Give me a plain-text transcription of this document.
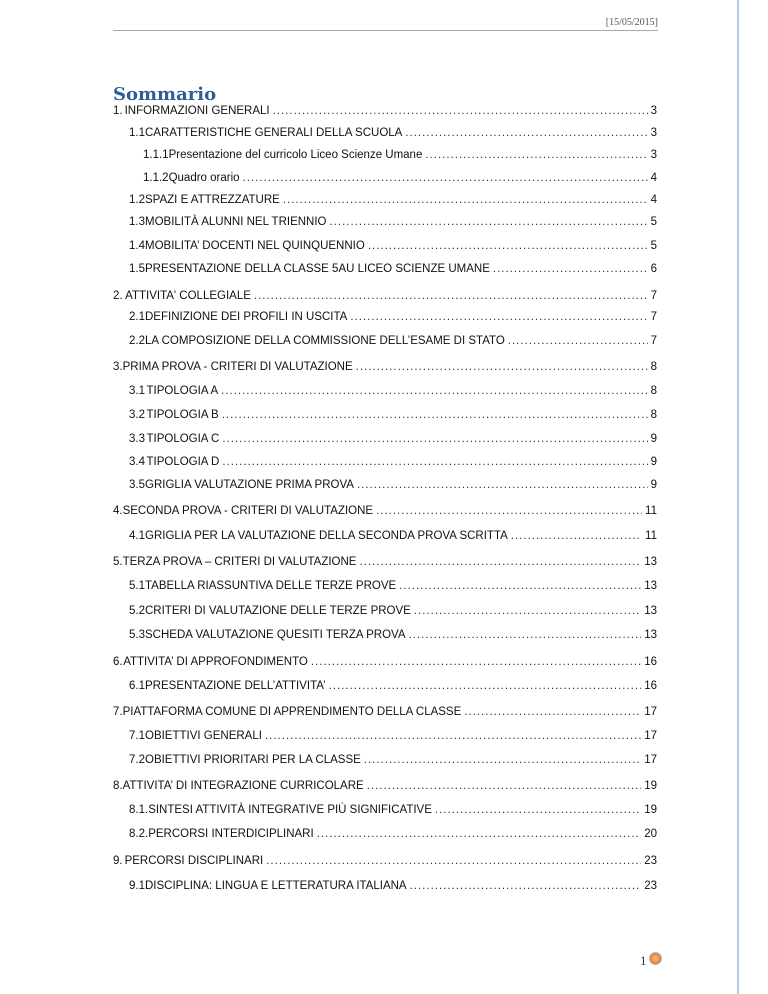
[15/05/2015]
Sommario
1. INFORMAZIONI GENERALI .....	3
1.1 CARATTERISTICHE GENERALI DELLA SCUOLA .....	3
1.1.1 Presentazione del curricolo Liceo Scienze Umane .....	3
1.1.2 Quadro orario .....	4
1.2 SPAZI E ATTREZZATURE .....	4
1.3 MOBILITÀ ALUNNI NEL TRIENNIO .....	5
1.4 MOBILITA’ DOCENTI NEL QUINQUENNIO .....	5
1.5 PRESENTAZIONE DELLA CLASSE 5AU LICEO SCIENZE UMANE .....	6
2. ATTIVITA' COLLEGIALE .....	7
2.1 DEFINIZIONE DEI PROFILI IN USCITA .....	7
2.2 LA COMPOSIZIONE DELLA COMMISSIONE DELL’ESAME DI STATO .....	7
3. PRIMA PROVA - CRITERI DI VALUTAZIONE .....	8
3.1 TIPOLOGIA A .....	8
3.2 TIPOLOGIA B .....	8
3.3 TIPOLOGIA C .....	9
3.4 TIPOLOGIA D .....	9
3.5 GRIGLIA VALUTAZIONE PRIMA PROVA .....	9
4. SECONDA PROVA - CRITERI DI VALUTAZIONE .....	11
4.1 GRIGLIA PER LA VALUTAZIONE DELLA SECONDA PROVA SCRITTA .....	11
5. TERZA PROVA – CRITERI DI VALUTAZIONE .....	13
5.1 TABELLA RIASSUNTIVA DELLE TERZE PROVE .....	13
5.2 CRITERI DI VALUTAZIONE DELLE TERZE PROVE .....	13
5.3 SCHEDA VALUTAZIONE QUESITI TERZA PROVA .....	13
6. ATTIVITA’ DI APPROFONDIMENTO .....	16
6.1 PRESENTAZIONE DELL’ATTIVITA’ .....	16
7. PIATTAFORMA COMUNE DI APPRENDIMENTO DELLA CLASSE .....	17
7.1 OBIETTIVI GENERALI .....	17
7.2 OBIETTIVI PRIORITARI PER LA CLASSE .....	17
8. ATTIVITA’ DI INTEGRAZIONE CURRICOLARE .....	19
8.1. SINTESI ATTIVITÀ INTEGRATIVE PIÙ SIGNIFICATIVE .....	19
8.2. PERCORSI INTERDICIPLINARI .....	20
9. PERCORSI DISCIPLINARI .....	23
9.1 DISCIPLINA: LINGUA E LETTERATURA ITALIANA .....	23
1
